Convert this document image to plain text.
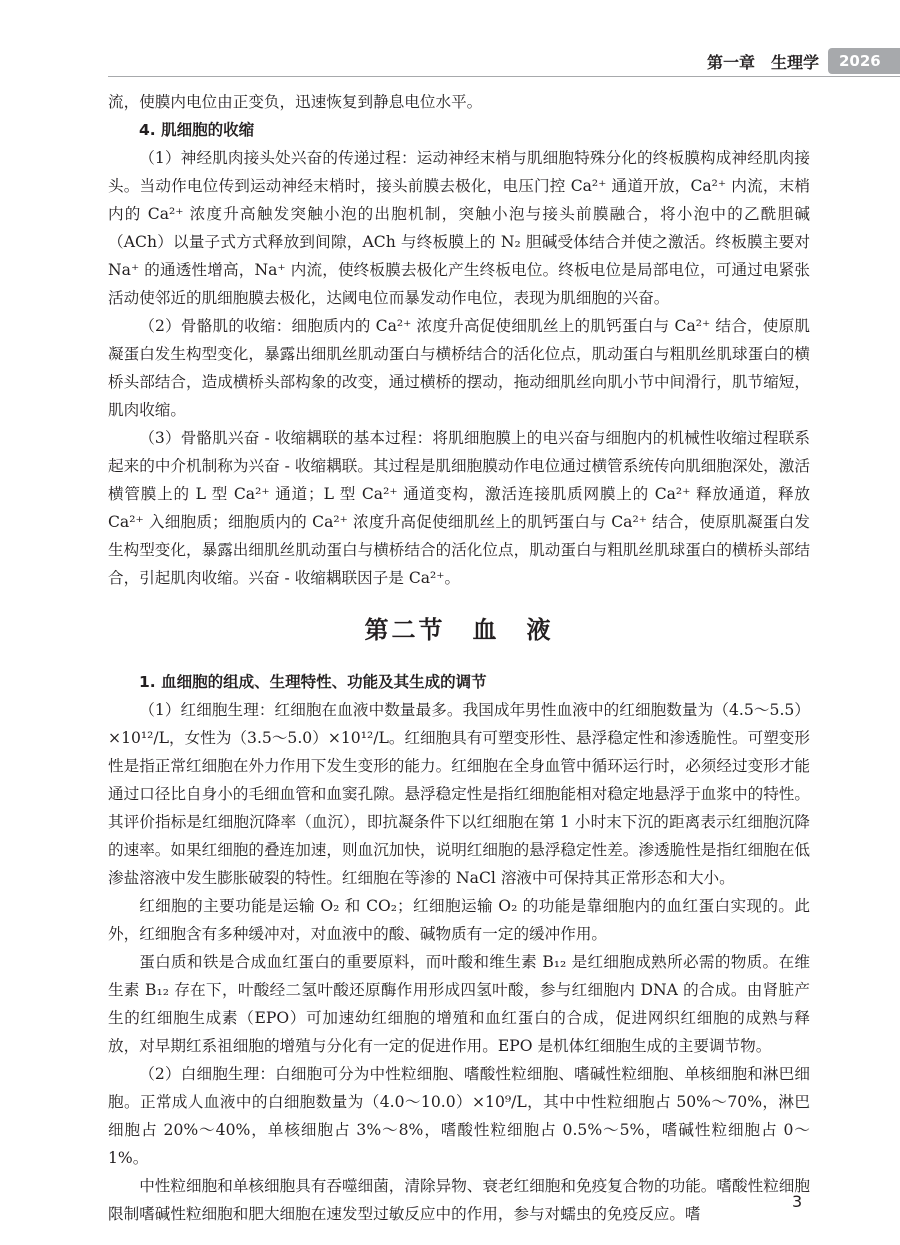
第一章　生理学	2026

流，使膜内电位由正变负，迅速恢复到静息电位水平。

4. 肌细胞的收缩

（1）神经肌肉接头处兴奋的传递过程：运动神经末梢与肌细胞特殊分化的终板膜构成神经肌肉接头。当动作电位传到运动神经末梢时，接头前膜去极化，电压门控 Ca²⁺ 通道开放，Ca²⁺ 内流，末梢内的 Ca²⁺ 浓度升高触发突触小泡的出胞机制，突触小泡与接头前膜融合，将小泡中的乙酰胆碱（ACh）以量子式方式释放到间隙，ACh 与终板膜上的 N₂ 胆碱受体结合并使之激活。终板膜主要对 Na⁺ 的通透性增高，Na⁺ 内流，使终板膜去极化产生终板电位。终板电位是局部电位，可通过电紧张活动使邻近的肌细胞膜去极化，达阈电位而暴发动作电位，表现为肌细胞的兴奋。

（2）骨骼肌的收缩：细胞质内的 Ca²⁺ 浓度升高促使细肌丝上的肌钙蛋白与 Ca²⁺ 结合，使原肌凝蛋白发生构型变化，暴露出细肌丝肌动蛋白与横桥结合的活化位点，肌动蛋白与粗肌丝肌球蛋白的横桥头部结合，造成横桥头部构象的改变，通过横桥的摆动，拖动细肌丝向肌小节中间滑行，肌节缩短，肌肉收缩。

（3）骨骼肌兴奋 - 收缩耦联的基本过程：将肌细胞膜上的电兴奋与细胞内的机械性收缩过程联系起来的中介机制称为兴奋 - 收缩耦联。其过程是肌细胞膜动作电位通过横管系统传向肌细胞深处，激活横管膜上的 L 型 Ca²⁺ 通道；L 型 Ca²⁺ 通道变构，激活连接肌质网膜上的 Ca²⁺ 释放通道，释放 Ca²⁺ 入细胞质；细胞质内的 Ca²⁺ 浓度升高促使细肌丝上的肌钙蛋白与 Ca²⁺ 结合，使原肌凝蛋白发生构型变化，暴露出细肌丝肌动蛋白与横桥结合的活化位点，肌动蛋白与粗肌丝肌球蛋白的横桥头部结合，引起肌肉收缩。兴奋 - 收缩耦联因子是 Ca²⁺。

第二节　血　液

1. 血细胞的组成、生理特性、功能及其生成的调节

（1）红细胞生理：红细胞在血液中数量最多。我国成年男性血液中的红细胞数量为（4.5～5.5）×10¹²/L，女性为（3.5～5.0）×10¹²/L。红细胞具有可塑变形性、悬浮稳定性和渗透脆性。可塑变形性是指正常红细胞在外力作用下发生变形的能力。红细胞在全身血管中循环运行时，必须经过变形才能通过口径比自身小的毛细血管和血窦孔隙。悬浮稳定性是指红细胞能相对稳定地悬浮于血浆中的特性。其评价指标是红细胞沉降率（血沉），即抗凝条件下以红细胞在第 1 小时末下沉的距离表示红细胞沉降的速率。如果红细胞的叠连加速，则血沉加快，说明红细胞的悬浮稳定性差。渗透脆性是指红细胞在低渗盐溶液中发生膨胀破裂的特性。红细胞在等渗的 NaCl 溶液中可保持其正常形态和大小。

红细胞的主要功能是运输 O₂ 和 CO₂；红细胞运输 O₂ 的功能是靠细胞内的血红蛋白实现的。此外，红细胞含有多种缓冲对，对血液中的酸、碱物质有一定的缓冲作用。

蛋白质和铁是合成血红蛋白的重要原料，而叶酸和维生素 B₁₂ 是红细胞成熟所必需的物质。在维生素 B₁₂ 存在下，叶酸经二氢叶酸还原酶作用形成四氢叶酸，参与红细胞内 DNA 的合成。由肾脏产生的红细胞生成素（EPO）可加速幼红细胞的增殖和血红蛋白的合成，促进网织红细胞的成熟与释放，对早期红系祖细胞的增殖与分化有一定的促进作用。EPO 是机体红细胞生成的主要调节物。

（2）白细胞生理：白细胞可分为中性粒细胞、嗜酸性粒细胞、嗜碱性粒细胞、单核细胞和淋巴细胞。正常成人血液中的白细胞数量为（4.0～10.0）×10⁹/L，其中中性粒细胞占 50%～70%，淋巴细胞占 20%～40%，单核细胞占 3%～8%，嗜酸性粒细胞占 0.5%～5%，嗜碱性粒细胞占 0～1%。

中性粒细胞和单核细胞具有吞噬细菌，清除异物、衰老红细胞和免疫复合物的功能。嗜酸性粒细胞限制嗜碱性粒细胞和肥大细胞在速发型过敏反应中的作用，参与对蠕虫的免疫反应。嗜

3
